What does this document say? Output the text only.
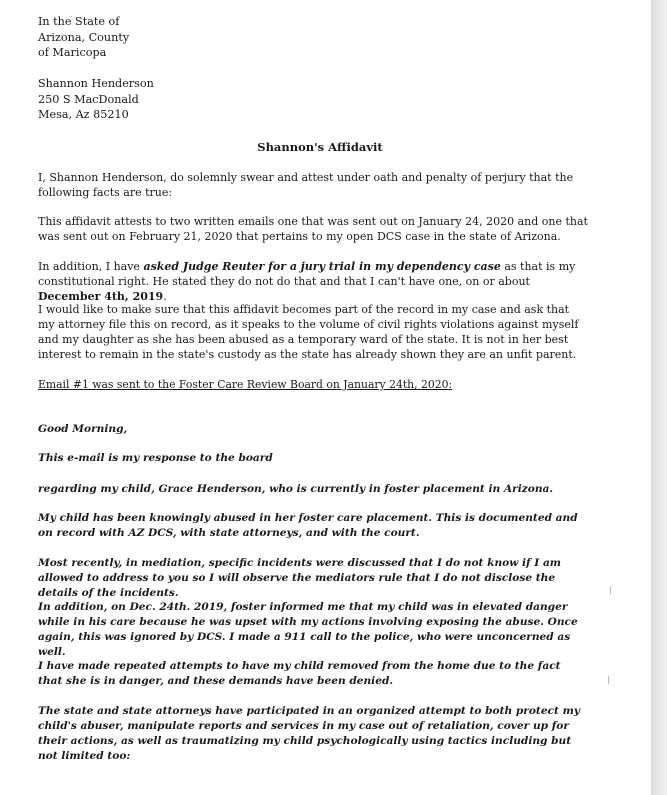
In the State of
Arizona, County
of Maricopa
Shannon Henderson
250 S MacDonald
Mesa, Az 85210
Shannon's Affidavit
I, Shannon Henderson, do solemnly swear and attest under oath and penalty of perjury that the following facts are true:
This affidavit attests to two written emails one that was sent out on January 24, 2020 and one that was sent out on February 21, 2020 that pertains to my open DCS case in the state of Arizona.
In addition, I have asked Judge Reuter for a jury trial in my dependency case as that is my constitutional right. He stated they do not do that and that I can't have one, on or about December 4th, 2019.
I would like to make sure that this affidavit becomes part of the record in my case and ask that my attorney file this on record, as it speaks to the volume of civil rights violations against myself and my daughter as she has been abused as a temporary ward of the state. It is not in her best interest to remain in the state's custody as the state has already shown they are an unfit parent.
Email #1 was sent to the Foster Care Review Board on January 24th, 2020:
Good Morning,
This e-mail is my response to the board
regarding my child, Grace Henderson, who is currently in foster placement in Arizona.
My child has been knowingly abused in her foster care placement. This is documented and on record with AZ DCS, with state attorneys, and with the court.
Most recently, in mediation, specific incidents were discussed that I do not know if I am allowed to address to you so I will observe the mediators rule that I do not disclose the details of the incidents.
In addition, on Dec. 24th. 2019, foster informed me that my child was in elevated danger while in his care because he was upset with my actions involving exposing the abuse. Once again, this was ignored by DCS. I made a 911 call to the police, who were unconcerned as well.
I have made repeated attempts to have my child removed from the home due to the fact that she is in danger, and these demands have been denied.
The state and state attorneys have participated in an organized attempt to both protect my child's abuser, manipulate reports and services in my case out of retaliation, cover up for their actions, as well as traumatizing my child psychologically using tactics including but not limited too:
